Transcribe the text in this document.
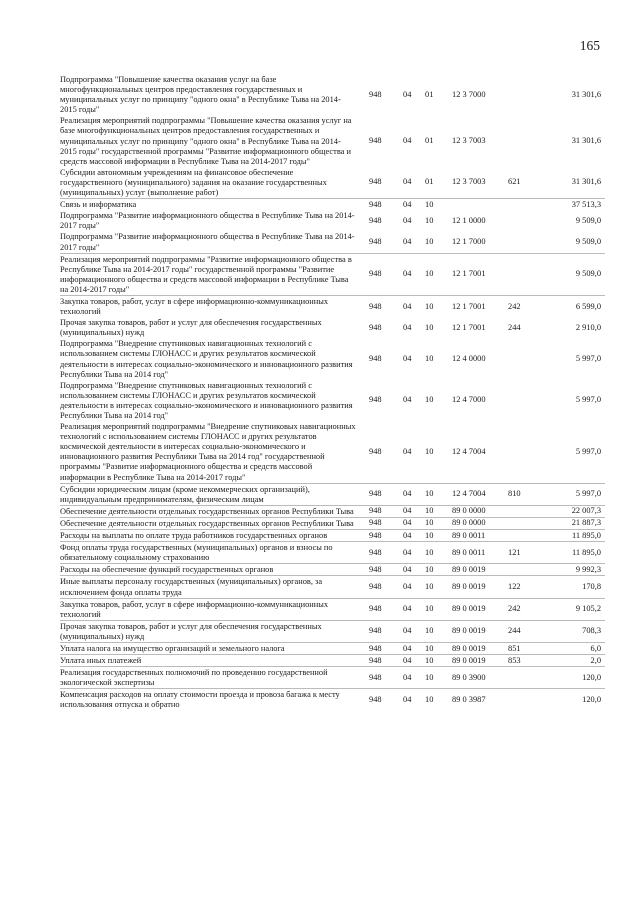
165
Подпрограмма "Повышение качества оказания услуг на базе многофункциональных центров предоставления государственных и муниципальных услуг по принципу "одного окна" в Республике Тыва на 2014-2015 годы"
948	04 01 12 3 7000	31 301,6
Реализация мероприятий подпрограммы "Повышение качества оказания услуг на базе многофункциональных центров предоставления государственных и муниципальных услуг по принципу "одного окна" в Республике Тыва на 2014-2015 годы" государственной программы "Развитие информационного общества и средств массовой информации в Республике Тыва на 2014-2017 годы"
948	04 01 12 3 7003	31 301,6
Субсидии автономным учреждениям на финансовое обеспечение государственного (муниципального) задания на оказание государственных (муниципальных) услуг (выполнение работ)
948	04 01 12 3 7003	621	31 301,6
Связь и информатика	948	04 10	37 513,3
Подпрограмма "Развитие информационного общества в Республике Тыва на 2014-2017 годы"
948	04 10 12 1 0000	9 509,0
Подпрограмма "Развитие информационного общества в Республике Тыва на 2014-2017 годы"
948	04 10 12 1 7000	9 509,0
Реализация мероприятий подпрограммы "Развитие информационного общества в Республике Тыва на 2014-2017 годы" государственной программы "Развитие информационного общества и средств массовой информации в Республике Тыва на 2014-2017 годы"
948	04 10 12 1 7001	9 509,0
Закупка товаров, работ, услуг в сфере информационно-коммуникационных технологий
948	04 10 12 1 7001	242	6 599,0
Прочая закупка товаров, работ и услуг для обеспечения государственных (муниципальных) нужд
948	04 10 12 1 7001	244	2 910,0
Подпрограмма "Внедрение спутниковых навигационных технологий с использованием системы ГЛОНАСС и других результатов космической деятельности в интересах социально-экономического и инновационного развития Республики Тыва на 2014 год"
948	04 10 12 4 0000	5 997,0
Подпрограмма "Внедрение спутниковых навигационных технологий с использованием системы ГЛОНАСС и других результатов космической деятельности в интересах социально-экономического и инновационного развития Республики Тыва на 2014 год"
948	04 10 12 4 7000	5 997,0
Реализация мероприятий подпрограммы "Внедрение спутниковых навигационных технологий с использованием системы ГЛОНАСС и других результатов космической деятельности в интересах социально-экономического и инновационного развития Республики Тыва на 2014 год" государственной программы "Развитие информационного общества и средств массовой информации в Республике Тыва на 2014-2017 годы"
948	04 10 12 4 7004	5 997,0
Субсидии юридическим лицам (кроме некоммерческих организаций), индивидуальным предпринимателям, физическим лицам
948	04 10 12 4 7004	810	5 997,0
Обеспечение деятельности отдельных государственных органов Республики Тыва 948	04 10 89 0 0000	22 007,3
Обеспечение деятельности отдельных государственных органов Республики Тыва 948	04 10 89 0 0000	21 887,3
Расходы на выплаты по оплате труда работников государственных органов	948	04 10 89 0 0011	11 895,0
Фонд оплаты труда государственных (муниципальных) органов и взносы по обязательному социальному страхованию
948	04 10 89 0 0011	121	11 895,0
Расходы на обеспечение функций государственных органов	948	04 10 89 0 0019	9 992,3
Иные выплаты персоналу государственных (муниципальных) органов, за исключением фонда оплаты труда
948	04 10 89 0 0019	122	170,8
Закупка товаров, работ, услуг в сфере информационно-коммуникационных технологий
948	04 10 89 0 0019	242	9 105,2
Прочая закупка товаров, работ и услуг для обеспечения государственных (муниципальных) нужд
948	04 10 89 0 0019	244	708,3
Уплата налога на имущество организаций и земельного налога	948	04 10 89 0 0019	851	6,0
Уплата иных платежей	948	04 10 89 0 0019	853	2,0
Реализация государственных полномочий по проведению государственной экологической экспертизы
948	04 10 89 0 3900	120,0
Компенсация расходов на оплату стоимости проезда и провоза багажа к месту использования отпуска и обратно
948	04 10 89 0 3987	120,0
